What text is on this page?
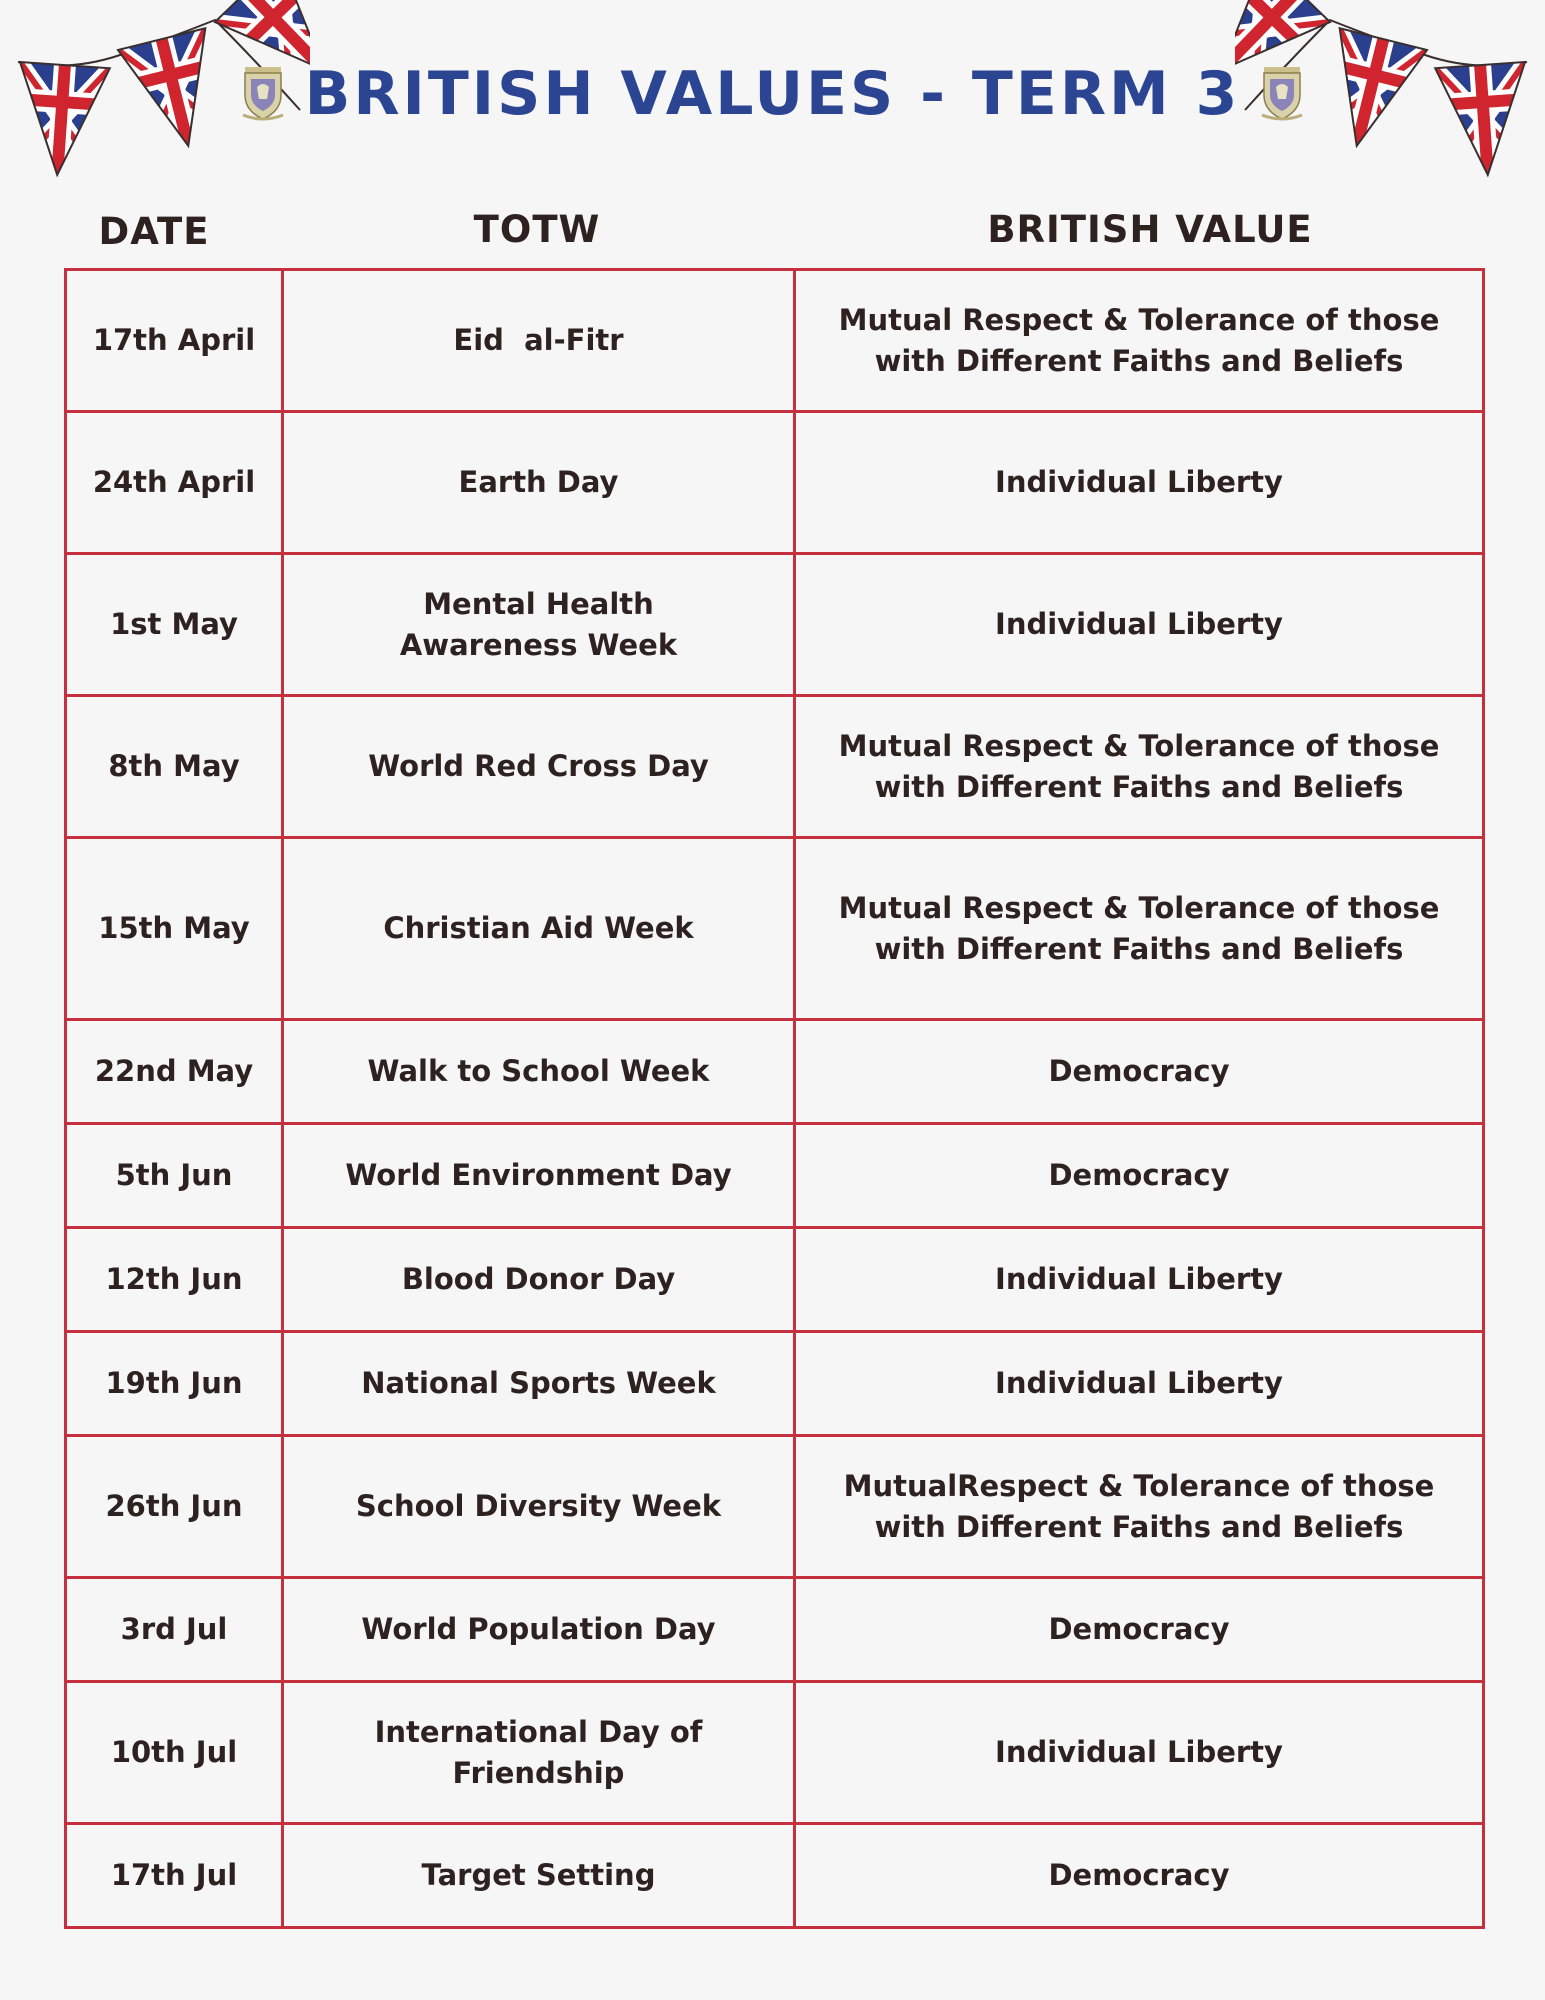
BRITISH VALUES - TERM 3
DATE	TOTW	BRITISH VALUE
17th April	Eid  al-Fitr	Mutual Respect & Tolerance of those with Different Faiths and Beliefs
24th April	Earth Day	Individual Liberty
1st May	Mental Health Awareness Week	Individual Liberty
8th May	World Red Cross Day	Mutual Respect & Tolerance of those with Different Faiths and Beliefs
15th May	Christian Aid Week	Mutual Respect & Tolerance of those with Different Faiths and Beliefs
22nd May	Walk to School Week	Democracy
5th Jun	World Environment Day	Democracy
12th Jun	Blood Donor Day	Individual Liberty
19th Jun	National Sports Week	Individual Liberty
26th Jun	School Diversity Week	MutualRespect & Tolerance of those with Different Faiths and Beliefs
3rd Jul	World Population Day	Democracy
10th Jul	International Day of Friendship	Individual Liberty
17th Jul	Target Setting	Democracy
